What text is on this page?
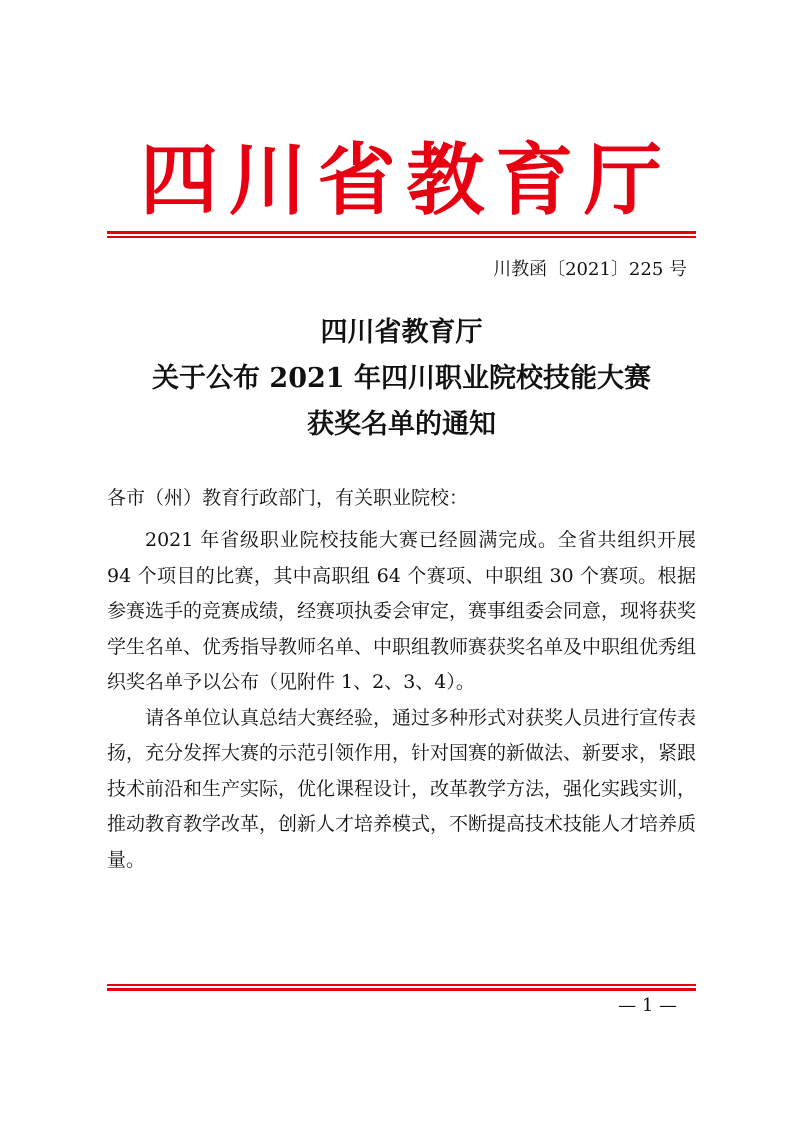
四 川 省 教 育 厅
川教函〔2021〕225 号
四川省教育厅
关于公布 2021 年四川职业院校技能大赛
获奖名单的通知
各市（州）教育行政部门，有关职业院校：

2021 年省级职业院校技能大赛已经圆满完成。全省共组织开展 94 个项目的比赛，其中高职组 64 个赛项、中职组 30 个赛项。根据参赛选手的竞赛成绩，经赛项执委会审定，赛事组委会同意，现将获奖学生名单、优秀指导教师名单、中职组教师赛获奖名单及中职组优秀组织奖名单予以公布（见附件 1、2、3、4）。

请各单位认真总结大赛经验，通过多种形式对获奖人员进行宣传表扬，充分发挥大赛的示范引领作用，针对国赛的新做法、新要求，紧跟技术前沿和生产实际，优化课程设计，改革教学方法，强化实践实训，推动教育教学改革，创新人才培养模式，不断提高技术技能人才培养质量。

— 1 —
